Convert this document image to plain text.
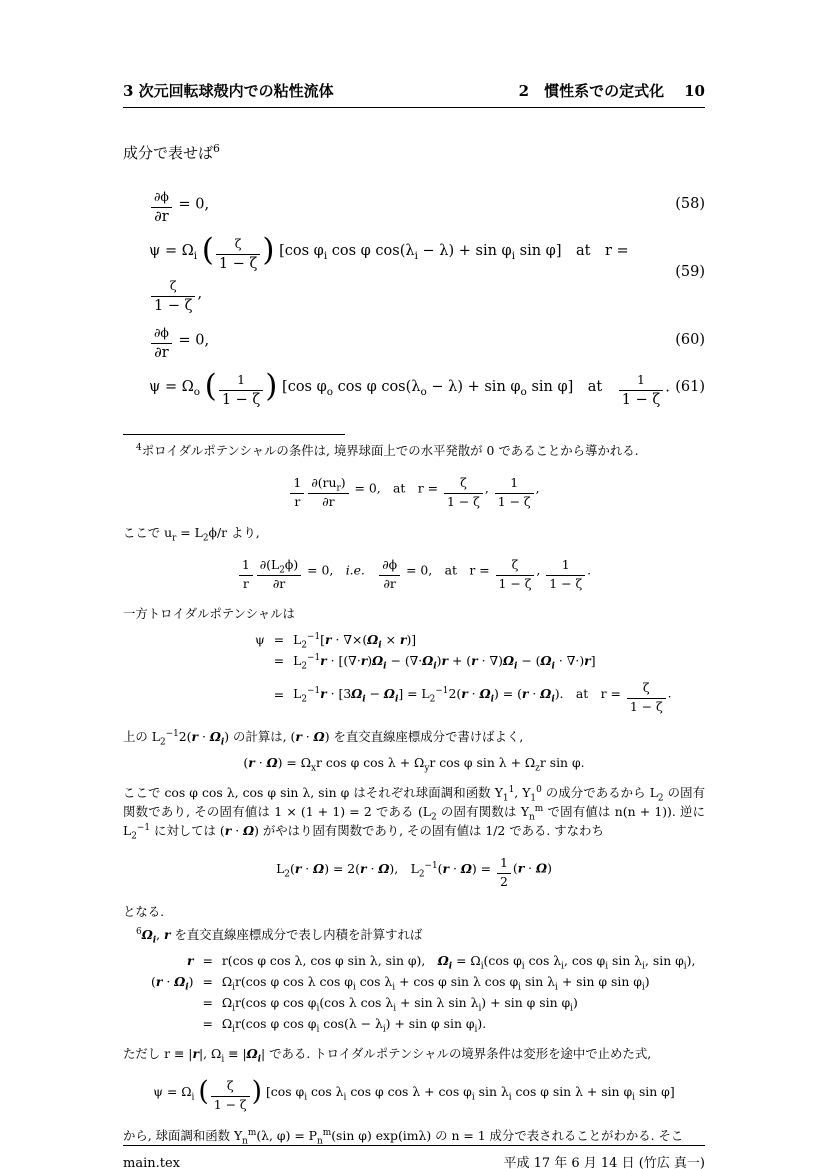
3 次元回転球殻内での粘性流体	2　慣性系での定式化 10

成分で表せば$^6$

$\frac{\partial\phi}{\partial r} = 0$,	(58)
$\psi = \Omega_i$ ( $\frac{\zeta}{1 - \zeta}$ ) [cos $\varphi_i$ cos φ $\cos(\lambda_i - \lambda) + \sin \varphi_i$ sin φ] at r =
$\frac{\zeta}{1 - \zeta}$ ,
(59)
$\frac{\partial\phi}{\partial r} = 0$,	(60)
$\psi = \Omega_o$ ( $\frac{1}{1 - \zeta}$ ) [cos $\varphi_o$ cos φ $\cos(\lambda_o - \lambda) + \sin \varphi_o$ sin φ] at  $\frac{1}{1 - \zeta}$ . (61)

$^4$ポロイダルポテンシャルの条件は, 境界球面上での水平発散が 0 であることから導かれる.

$\frac{1}{r} \frac{\partial(ru_r)}{\partial r} = 0$, at $r = \frac{\zeta}{1 - \zeta}$ , $\frac{1}{1 - \zeta}$ ,

ここで $u_r = L_2\phi/r$ より,

$\frac{1}{r} \frac{\partial(L_2\phi)}{\partial r} = 0$, i.e.  $\frac{\partial\phi}{\partial r} = 0$, at $r = \frac{\zeta}{1 - \zeta}$ , $\frac{1}{1 - \zeta}$ .

一方トロイダルポテンシャルは

$\psi = L_2^{-1}[r \cdot \nabla\times(\Omega_i \times r)]$
= $L_2^{-1}r \cdot [(\nabla\cdot r)\Omega_i - (\nabla\cdot\Omega_i)r + (r \cdot \nabla)\Omega_i - (\Omega_i \cdot \nabla\cdot)r]$
= $L_2^{-1}r \cdot [3\Omega_i - \Omega_i] = L_2^{-1}2(r \cdot \Omega_i) = (r \cdot \Omega_i)$. at $r = \frac{\zeta}{1 - \zeta}$ .

上の $L_2^{-1}2(r \cdot \Omega_i)$ の計算は, (r · Ω) を直交直線座標成分で書けばよく,

$(r \cdot \Omega) = \Omega_xr$ cos φ $\cos \lambda + \Omega_yr$ cos φ $\sin \lambda + \Omega_zr$ sin φ.

ここで cos φ cos λ, cos φ sin λ, sin φ はそれぞれ球面調和函数 $Y_1^1$, $Y_1^0$ の成分であるから $L_2$ の固有関数であり, その固有値は 1 × (1 + 1) = 2 である ($L_2$ の固有関数は $Y_n^m$ で固有値は n(n + 1)). 逆に $L_2^{-1}$ に対しては (r · Ω) がやはり固有関数であり, その固有値は 1/2 である. すなわち

$L_2(r \cdot \Omega) = 2(r \cdot \Omega)$, $L_2^{-1}(r \cdot \Omega) = \frac{1}{2} (r \cdot \Omega)$

となる.

$^6\Omega_i$, r を直交直線座標成分で表し内積を計算すれば

r = r(cos φ cos λ, cos φ sin λ, sin φ), $\Omega_i = \Omega_i(\cos$ $\varphi_i$ $\cos \lambda_i$, $\cos \varphi_i$ $\sin \lambda_i$, $\sin \varphi_i$),
$(r \cdot \Omega_i) = \Omega_ir(\cos$ φ cos λ $\cos \varphi_i$ $\cos \lambda_i + \cos \varphi$ sin λ $\cos \varphi_i$ $\sin \lambda_i + \sin \varphi$ $\sin \varphi_i$)
= $\Omega_ir(\cos$ φ $\cos \varphi_i(\cos$ λ $\cos \lambda_i + \sin \lambda$ $\sin \lambda_i) + \sin \varphi$ $\sin \varphi_i$)
= $\Omega_ir(\cos$ φ $\cos \varphi_i$ $\cos(\lambda - \lambda_i) + \sin \varphi$ $\sin \varphi_i$).

ただし r ≡ |r|, $\Omega_i \equiv |\Omega_i|$ である. トロイダルポテンシャルの境界条件は変形を途中で止めた式,

$\psi = \Omega_i$ ( $\frac{\zeta}{1 - \zeta}$ ) [cos $\varphi_i$ $\cos \lambda_i$ cos φ $\cos \lambda + \cos \varphi_i$ $\sin \lambda_i$ cos φ $\sin \lambda + \sin \varphi_i$ sin φ]

から, 球面調和函数 $Y_n^m(\lambda$, $\varphi) = P_n^m(\sin$ φ) exp(imλ) の n = 1 成分で表されることがわかる. そこ

main.tex	平成 17 年 6 月 14 日 (竹広 真一)
